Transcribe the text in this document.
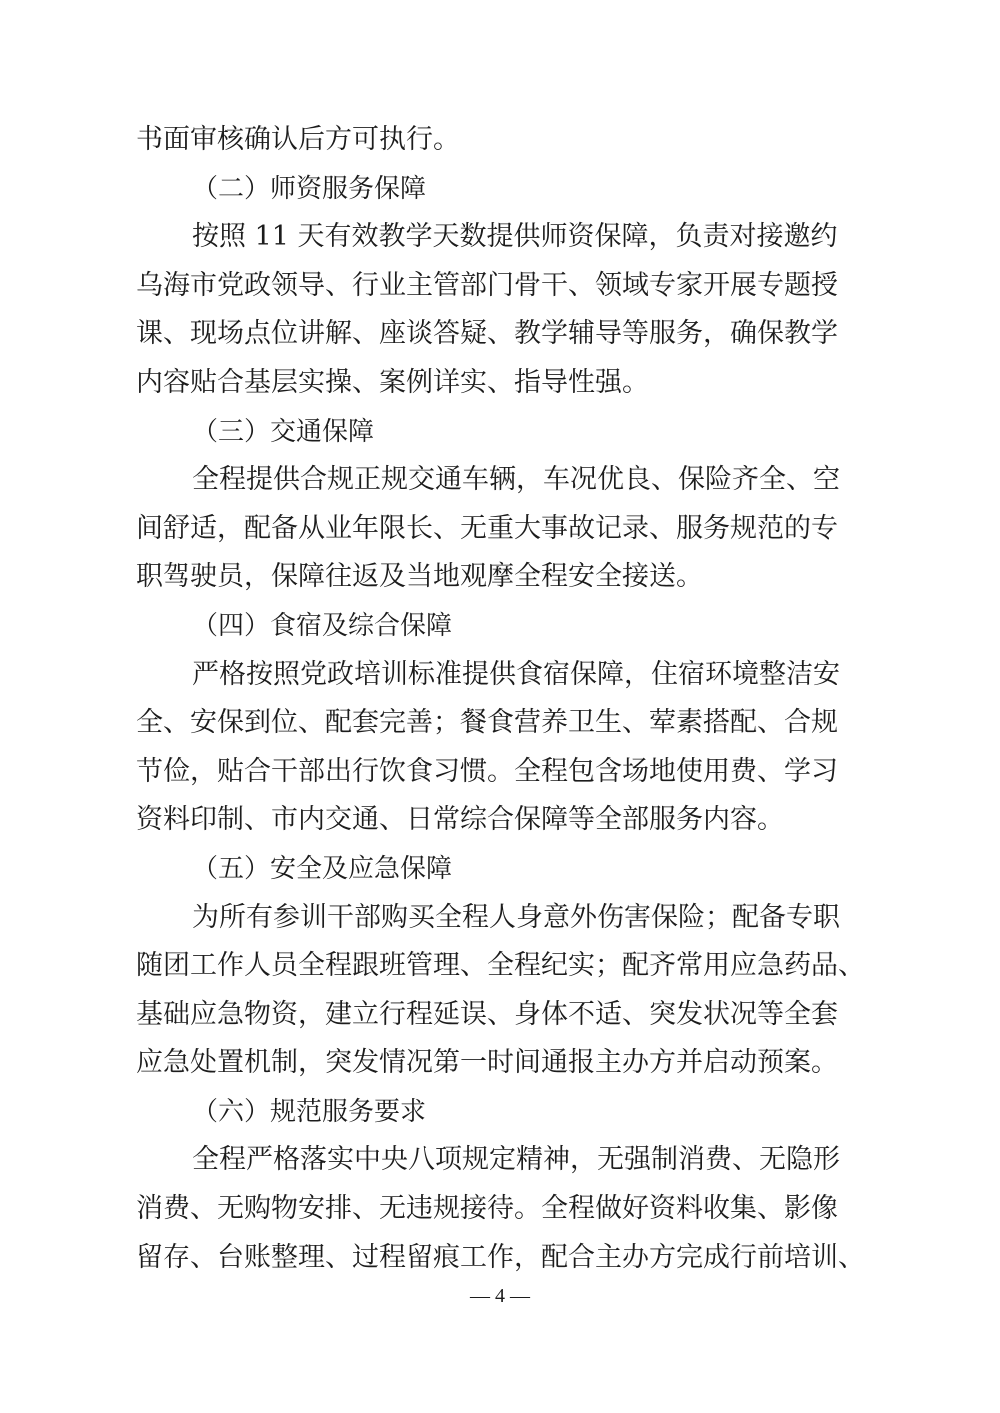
书面审核确认后方可执行。

（二）师资服务保障

按照 11 天有效教学天数提供师资保障，负责对接邀约

乌海市党政领导、行业主管部门骨干、领域专家开展专题授

课、现场点位讲解、座谈答疑、教学辅导等服务，确保教学

内容贴合基层实操、案例详实、指导性强。

（三）交通保障

全程提供合规正规交通车辆，车况优良、保险齐全、空

间舒适，配备从业年限长、无重大事故记录、服务规范的专

职驾驶员，保障往返及当地观摩全程安全接送。

（四）食宿及综合保障

严格按照党政培训标准提供食宿保障，住宿环境整洁安

全、安保到位、配套完善；餐食营养卫生、荤素搭配、合规

节俭，贴合干部出行饮食习惯。全程包含场地使用费、学习

资料印制、市内交通、日常综合保障等全部服务内容。

（五）安全及应急保障

为所有参训干部购买全程人身意外伤害保险；配备专职

随团工作人员全程跟班管理、全程纪实；配齐常用应急药品、

基础应急物资，建立行程延误、身体不适、突发状况等全套

应急处置机制，突发情况第一时间通报主办方并启动预案。

（六）规范服务要求

全程严格落实中央八项规定精神，无强制消费、无隐形

消费、无购物安排、无违规接待。全程做好资料收集、影像

留存、台账整理、过程留痕工作，配合主办方完成行前培训、

— 4 —
